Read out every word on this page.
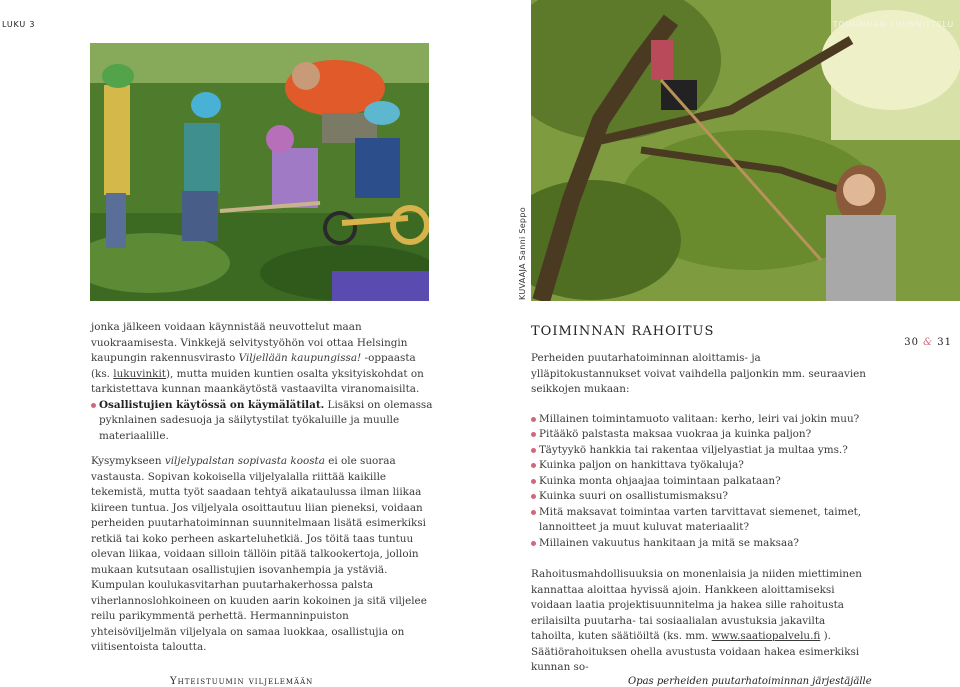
LUKU 3	TOIMINNAN SUUNNITTELU
KUVAAJA Sanni Seppo

jonka jälkeen voidaan käynnistää neuvottelut maan vuokraamisesta. Vinkkejä selvitystyöhön voi ottaa Helsingin kaupungin rakennusvirasto Viljellään kaupungissa! -oppaasta (ks. lukuvinkit), mutta muiden kuntien osalta yksityiskohdat on tarkistettava kunnan maankäytöstä vastaavilta viranomaisilta.

Osallistujien käytössä on käymälätilat. Lisäksi on olemassa pyknlainen sadesuoja ja säilytystilat työkaluille ja muulle materiaalille.

Kysymykseen viljelypalstan sopivasta koosta ei ole suoraa vastausta. Sopivan kokoisella viljelyalalla riittää kaikille tekemistä, mutta työt saadaan tehtyä aikataulussa ilman liikaa kiireen tuntua. Jos viljelyala osoittautuu liian pieneksi, voidaan perheiden puutarhatoiminnan suunnitelmaan lisätä esimerkiksi retkiä tai koko perheen askarteluhetkiä. Jos töitä taas tuntuu olevan liikaa, voidaan silloin tällöin pitää talkookertoja, jolloin mukaan kutsutaan osallistujien isovanhempia ja ystäviä. Kumpulan koulukasvitarhan puutarhakerhossa palsta viherlannoslohkoineen on kuuden aarin kokoinen ja sitä viljelee reilu parikymmentä perhettä. Hermanninpuiston yhteisöviljelmän viljelyala on samaa luokkaa, osallistujia on viitisentoista taloutta.

TOIMINNAN RAHOITUS
30 & 31

Perheiden puutarhatoiminnan aloittamis- ja ylläpitokustannukset voivat vaihdella paljonkin mm. seuraavien seikkojen mukaan:

Millainen toimintamuoto valitaan: kerho, leiri vai jokin muu?
Pitääkö palstasta maksaa vuokraa ja kuinka paljon?
Täytyykö hankkia tai rakentaa viljelyastiat ja multaa yms.?
Kuinka paljon on hankittava työkaluja?
Kuinka monta ohjaajaa toimintaan palkataan?
Kuinka suuri on osallistumismaksu?
Mitä maksavat toimintaa varten tarvittavat siemenet, taimet, lannoitteet ja muut kuluvat materiaalit?
Millainen vakuutus hankitaan ja mitä se maksaa?

Rahoitusmahdollisuuksia on monenlaisia ja niiden miettiminen kannattaa aloittaa hyvissä ajoin. Hankkeen aloittamiseksi voidaan laatia projektisuunnitelma ja hakea sille rahoitusta erilaisilta puutarha- tai sosiaalialan avustuksia jakavilta tahoilta, kuten säätiöiltä (ks. mm. www.saatiopalvelu.fi ). Säätiörahoituksen ohella avustusta voidaan hakea esimerkiksi kunnan so-

Yhteistuumin viljelemään	Opas perheiden puutarhatoiminnan järjestäjälle
